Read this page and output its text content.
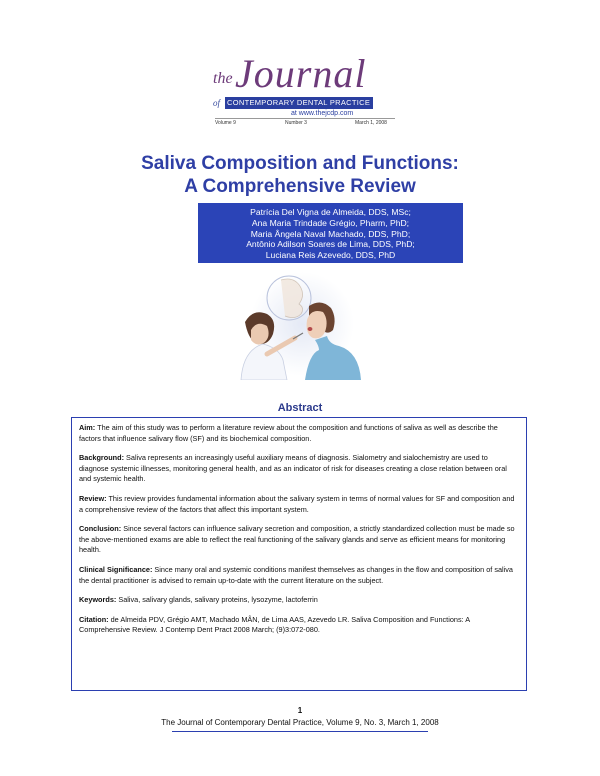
the Journal
of CONTEMPORARY DENTAL PRACTICE
at www.thejcdp.com
Volume 9	Number 3	March 1, 2008
Saliva Composition and Functions:
A Comprehensive Review
Patrícia Del Vigna de Almeida, DDS, MSc;
Ana Maria Trindade Grégio, Pharm, PhD;
Maria Ângela Naval Machado, DDS, PhD;
Antônio Adilson Soares de Lima, DDS, PhD;
Luciana Reis Azevedo, DDS, PhD
Abstract

Aim: The aim of this study was to perform a literature review about the composition and functions of saliva as well as describe the factors that influence salivary flow (SF) and its biochemical composition.

Background: Saliva represents an increasingly useful auxiliary means of diagnosis. Sialometry and sialochemistry are used to diagnose systemic illnesses, monitoring general health, and as an indicator of risk for diseases creating a close relation between oral and systemic health.

Review: This review provides fundamental information about the salivary system in terms of normal values for SF and composition and a comprehensive review of the factors that affect this important system.

Conclusion: Since several factors can influence salivary secretion and composition, a strictly standardized collection must be made so the above-mentioned exams are able to reflect the real functioning of the salivary glands and serve as efficient means for monitoring health.

Clinical Significance: Since many oral and systemic conditions manifest themselves as changes in the flow and composition of saliva the dental practitioner is advised to remain up-to-date with the current literature on the subject.

Keywords: Saliva, salivary glands, salivary proteins, lysozyme, lactoferrin

Citation: de Almeida PDV, Grégio AMT, Machado MÂN, de Lima AAS, Azevedo LR. Saliva Composition and Functions: A Comprehensive Review. J Contemp Dent Pract 2008 March; (9)3:072-080.

1
The Journal of Contemporary Dental Practice, Volume 9, No. 3, March 1, 2008
